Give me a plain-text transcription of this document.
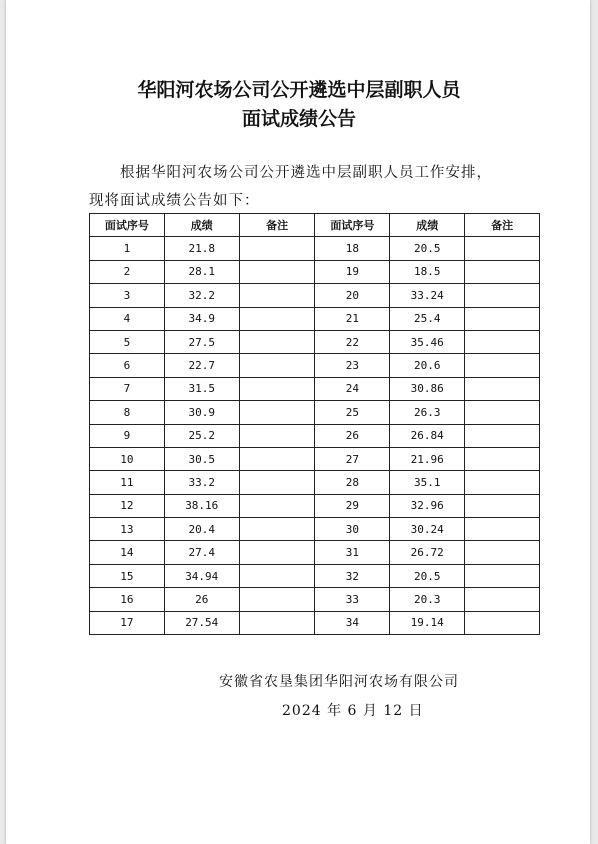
华阳河农场公司公开遴选中层副职人员
面试成绩公告
根据华阳河农场公司公开遴选中层副职人员工作安排，
现将面试成绩公告如下：
面试序号	成绩	备注	面试序号	成绩	备注
1	21.8		18	20.5	
2	28.1		19	18.5	
3	32.2		20	33.24	
4	34.9		21	25.4	
5	27.5		22	35.46	
6	22.7		23	20.6	
7	31.5		24	30.86	
8	30.9		25	26.3	
9	25.2		26	26.84	
10	30.5		27	21.96	
11	33.2		28	35.1	
12	38.16		29	32.96	
13	20.4		30	30.24	
14	27.4		31	26.72	
15	34.94		32	20.5	
16	26		33	20.3	
17	27.54		34	19.14	
安徽省农垦集团华阳河农场有限公司
2024 年 6 月 12 日
